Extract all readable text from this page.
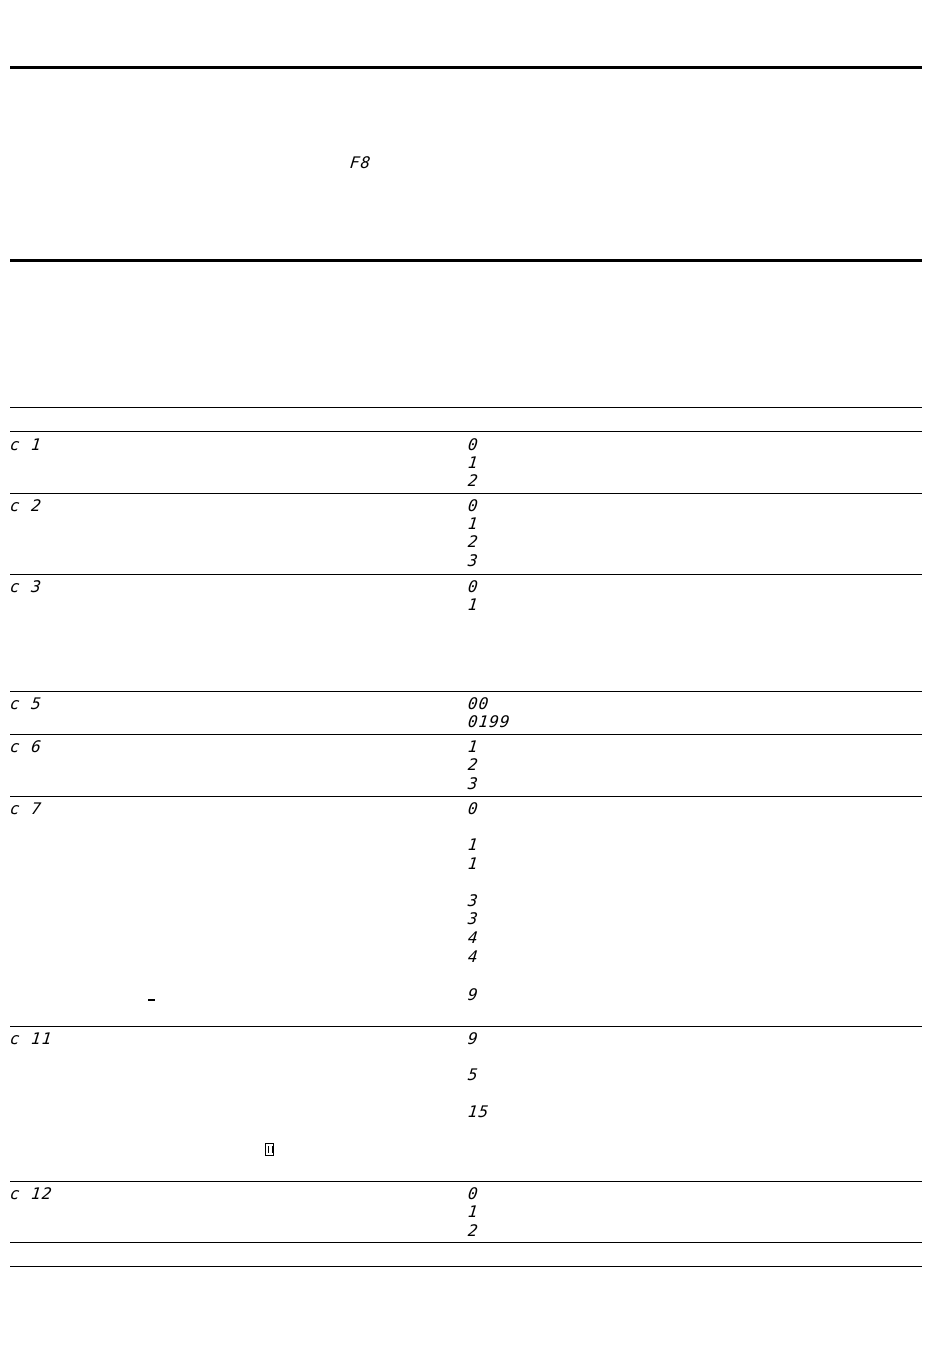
F8
c 1	0
1
2
c 2	0
1
2
3
c 3	0
1
c 5	00
0199
c 6	1
2
3
c 7	0
1
1
3
3
4
4
9
c 11	9
5
15
c 12	0
1
2
